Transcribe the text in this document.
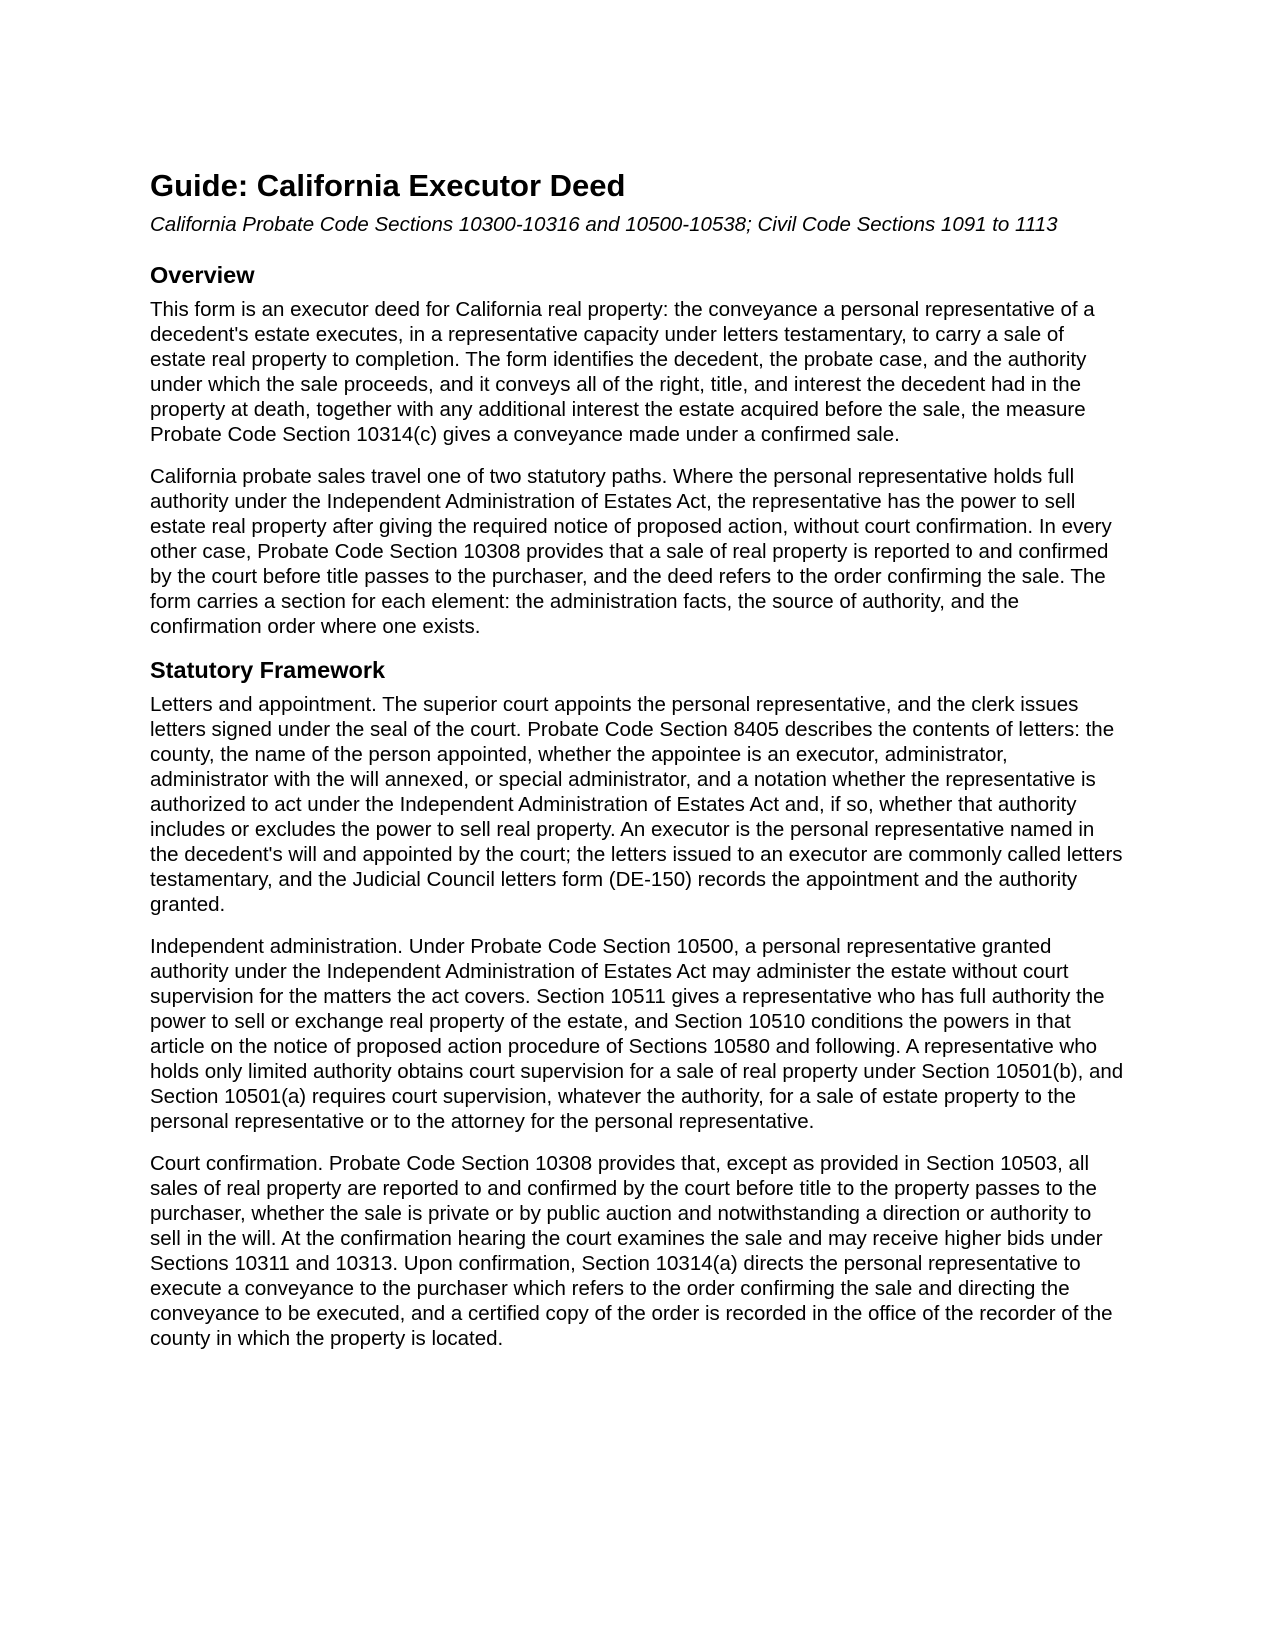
Guide: California Executor Deed
California Probate Code Sections 10300-10316 and 10500-10538; Civil Code Sections 1091 to 1113
Overview

This form is an executor deed for California real property: the conveyance a personal representative of a decedent's estate executes, in a representative capacity under letters testamentary, to carry a sale of estate real property to completion. The form identifies the decedent, the probate case, and the authority under which the sale proceeds, and it conveys all of the right, title, and interest the decedent had in the property at death, together with any additional interest the estate acquired before the sale, the measure Probate Code Section 10314(c) gives a conveyance made under a confirmed sale.

California probate sales travel one of two statutory paths. Where the personal representative holds full authority under the Independent Administration of Estates Act, the representative has the power to sell estate real property after giving the required notice of proposed action, without court confirmation. In every other case, Probate Code Section 10308 provides that a sale of real property is reported to and confirmed by the court before title passes to the purchaser, and the deed refers to the order confirming the sale. The form carries a section for each element: the administration facts, the source of authority, and the confirmation order where one exists.

Statutory Framework

Letters and appointment. The superior court appoints the personal representative, and the clerk issues letters signed under the seal of the court. Probate Code Section 8405 describes the contents of letters: the county, the name of the person appointed, whether the appointee is an executor, administrator, administrator with the will annexed, or special administrator, and a notation whether the representative is authorized to act under the Independent Administration of Estates Act and, if so, whether that authority includes or excludes the power to sell real property. An executor is the personal representative named in the decedent's will and appointed by the court; the letters issued to an executor are commonly called letters testamentary, and the Judicial Council letters form (DE-150) records the appointment and the authority granted.

Independent administration. Under Probate Code Section 10500, a personal representative granted authority under the Independent Administration of Estates Act may administer the estate without court supervision for the matters the act covers. Section 10511 gives a representative who has full authority the power to sell or exchange real property of the estate, and Section 10510 conditions the powers in that article on the notice of proposed action procedure of Sections 10580 and following. A representative who holds only limited authority obtains court supervision for a sale of real property under Section 10501(b), and Section 10501(a) requires court supervision, whatever the authority, for a sale of estate property to the personal representative or to the attorney for the personal representative.

Court confirmation. Probate Code Section 10308 provides that, except as provided in Section 10503, all sales of real property are reported to and confirmed by the court before title to the property passes to the purchaser, whether the sale is private or by public auction and notwithstanding a direction or authority to sell in the will. At the confirmation hearing the court examines the sale and may receive higher bids under Sections 10311 and 10313. Upon confirmation, Section 10314(a) directs the personal representative to execute a conveyance to the purchaser which refers to the order confirming the sale and directing the conveyance to be executed, and a certified copy of the order is recorded in the office of the recorder of the county in which the property is located.
